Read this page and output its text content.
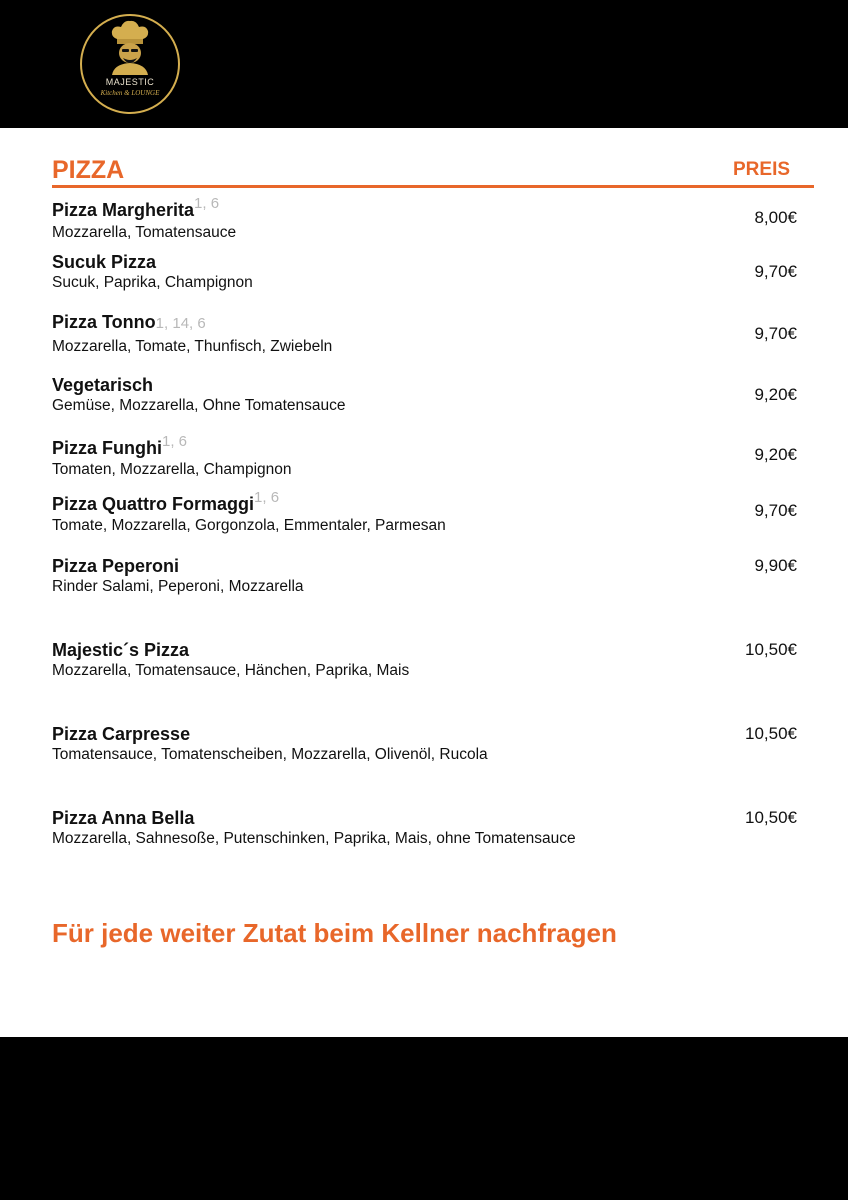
MAJESTIC
Kitchen & LOUNGE
PIZZA	PREIS
Pizza Margherita$^{1, 6}$
Mozzarella, Tomatensauce
8,00€
Sucuk Pizza
Sucuk, Paprika, Champignon
9,70€
Pizza Tonno1, 14, 6
Mozzarella, Tomate, Thunfisch, Zwiebeln
9,70€
Vegetarisch
Gemüse, Mozzarella, Ohne Tomatensauce
9,20€
Pizza Funghi$^{1, 6}$
Tomaten, Mozzarella, Champignon
9,20€
Pizza Quattro Formaggi$^{1, 6}$
Tomate, Mozzarella, Gorgonzola, Emmentaler, Parmesan
9,70€
Pizza Peperoni
Rinder Salami, Peperoni, Mozzarella
9,90€
Majestic´s Pizza
Mozzarella, Tomatensauce, Hänchen, Paprika, Mais
10,50€
Pizza Carpresse
Tomatensauce, Tomatenscheiben, Mozzarella, Olivenöl, Rucola
10,50€
Pizza Anna Bella
Mozzarella, Sahnesoße, Putenschinken, Paprika, Mais, ohne Tomatensauce
10,50€
Für jede weiter Zutat beim Kellner nachfragen
